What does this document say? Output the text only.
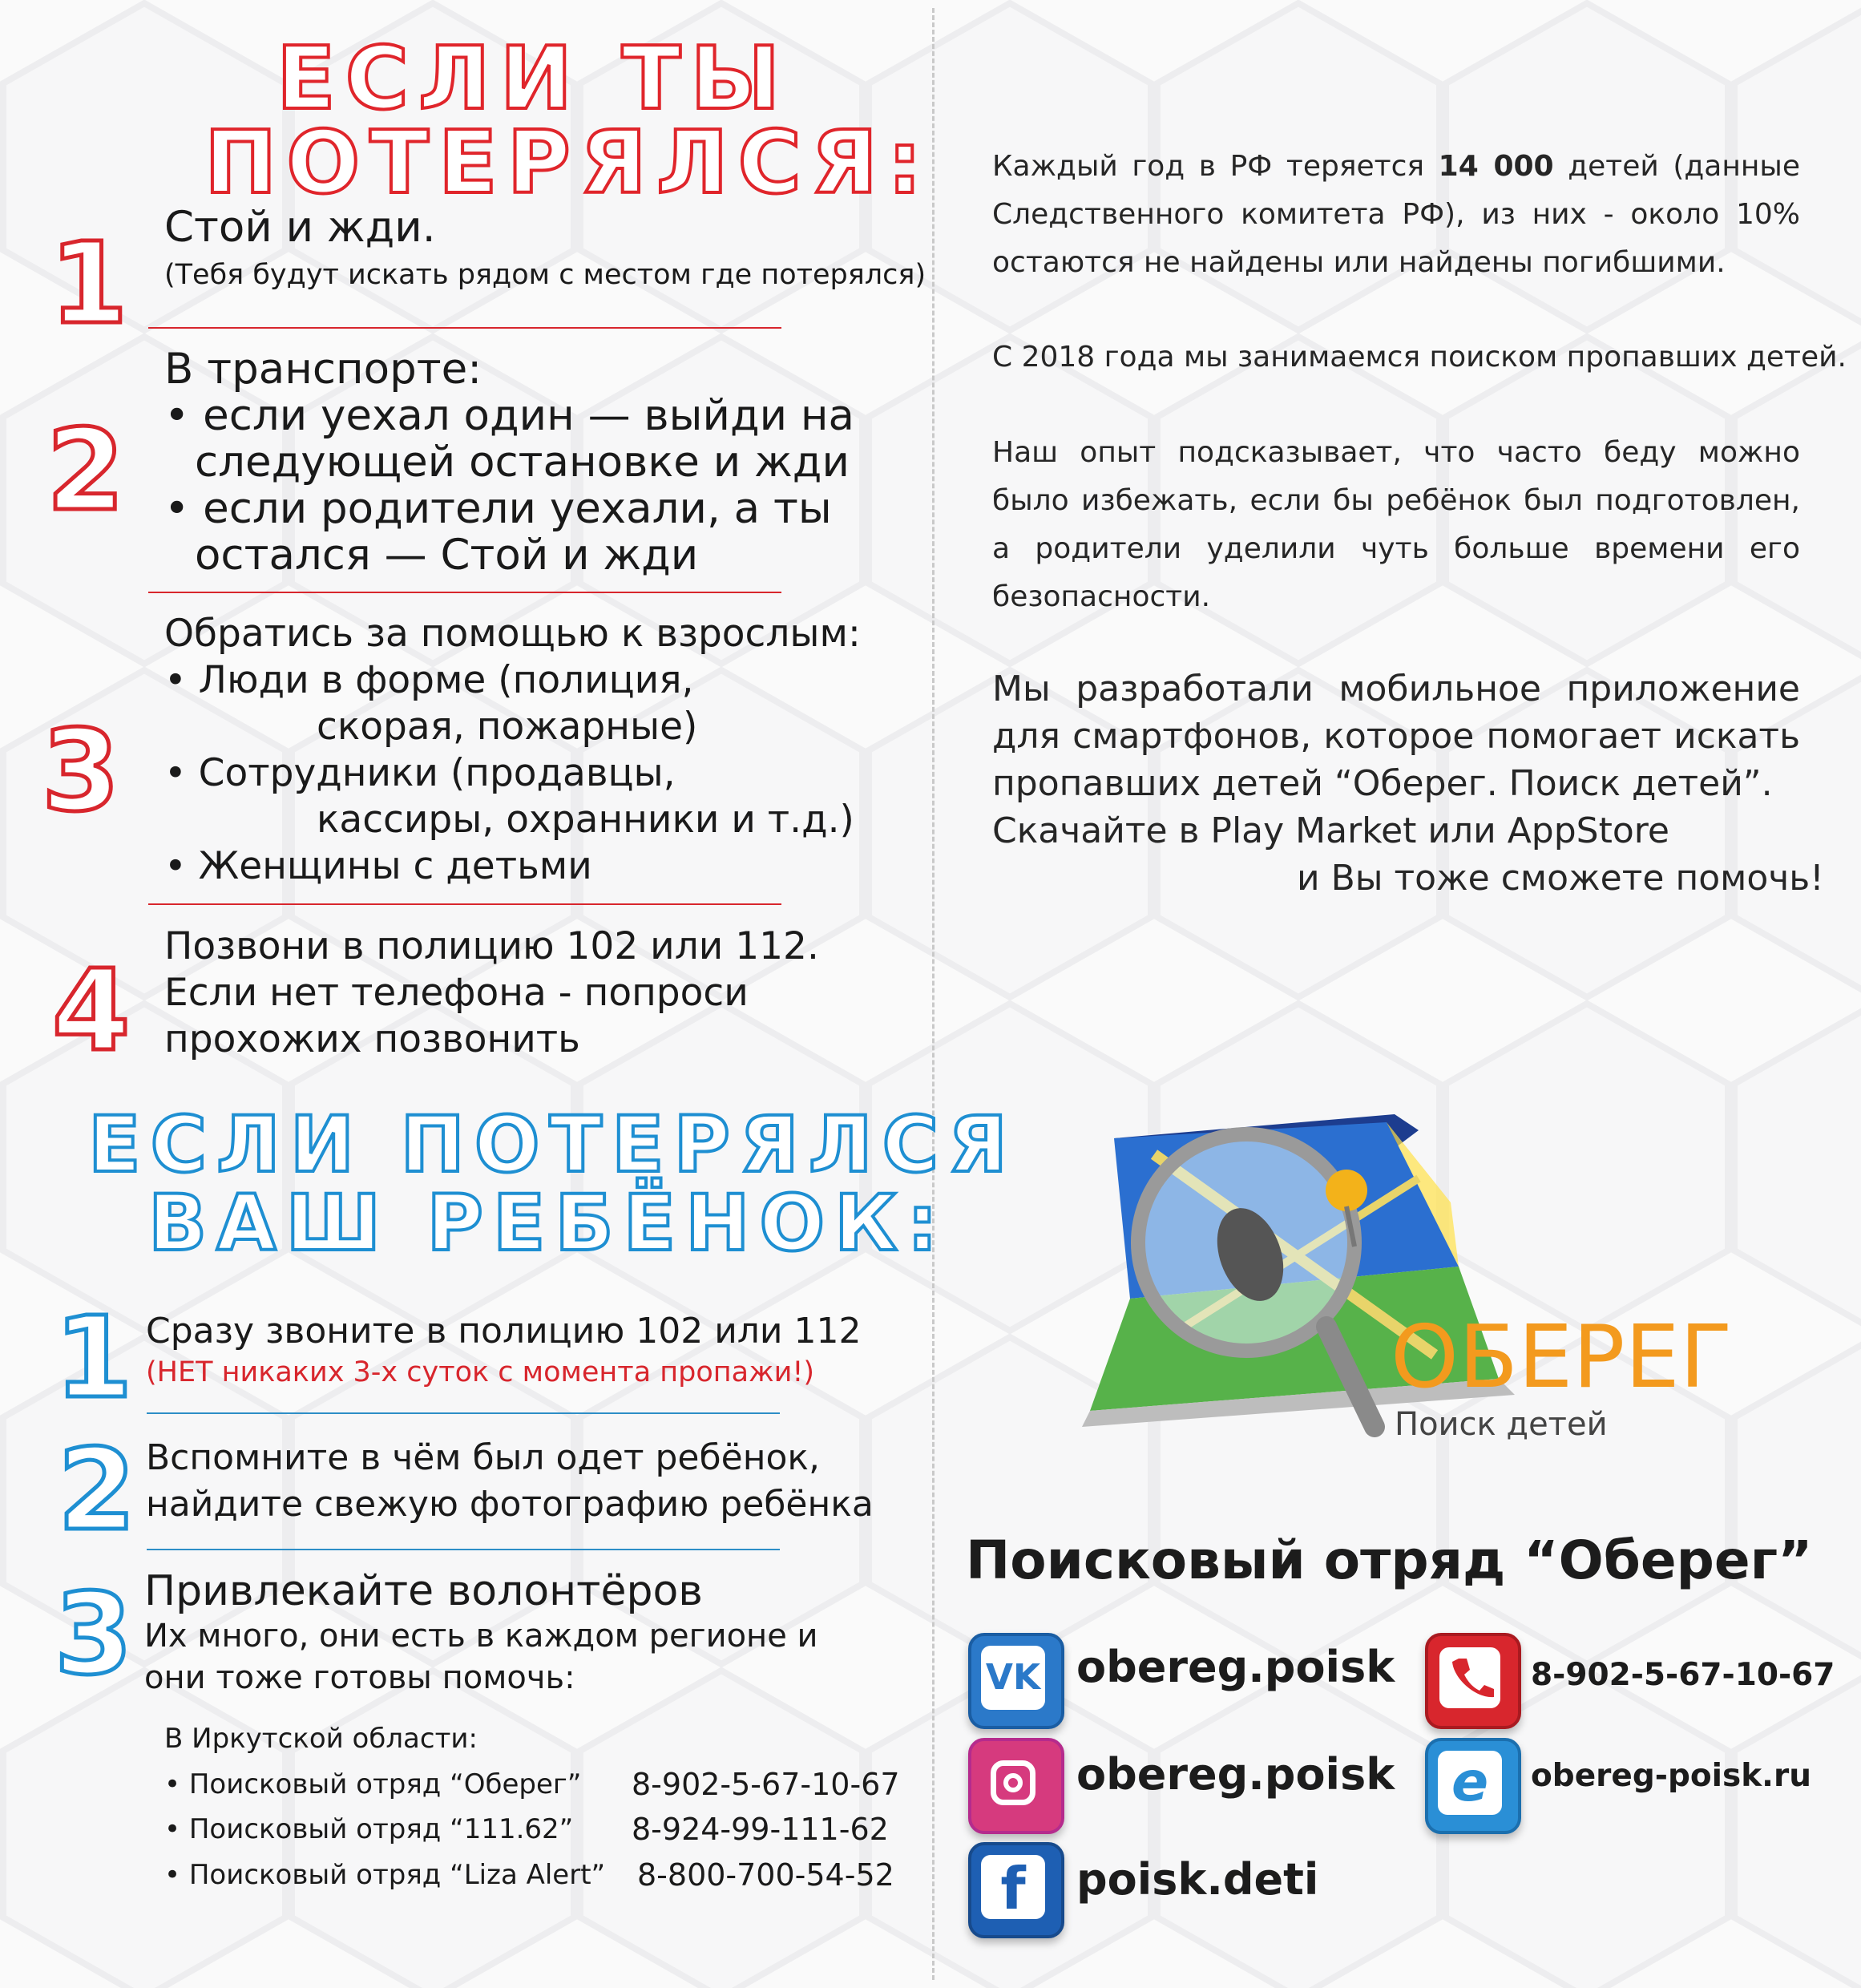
ЕСЛИ ТЫ
ПОТЕРЯЛСЯ:
1 Стой и жди.
(Тебя будут искать рядом с местом где потерялся)
2
В транспорте:
• если уехал один — выйди на
следующей остановке и жди
• если родители уехали, а ты
остался — Стой и жди
3
Обратись за помощью к взрослым:
• Люди в форме (полиция,
скорая, пожарные)
• Сотрудники (продавцы,
кассиры, охранники и т.д.)
• Женщины с детьми
4 Позвони в полицию 102 или 112.
Если нет телефона - попроси
прохожих позвонить
ЕСЛИ ПОТЕРЯЛСЯ
ВАШ РЕБЁНОК:
1 Сразу звоните в полицию 102 или 112
(НЕТ никаких 3-х суток с момента пропажи!)
2 Вспомните в чём был одет ребёнок,
найдите свежую фотографию ребёнка
3 Привлекайте волонтёров
Их много, они есть в каждом регионе и
они тоже готовы помочь:
В Иркутской области:
• Поисковый отряд “Оберег” 8-902-5-67-10-67
• Поисковый отряд “111.62” 8-924-99-111-62
• Поисковый отряд “Liza Alert” 8-800-700-54-52
Каждый год в РФ теряется 14 000 детей (данные Следственного комитета РФ), из них - около 10% остаются не найдены или найдены погибшими.
С 2018 года мы занимаемся поиском пропавших детей.
Наш опыт подсказывает, что часто беду можно было избежать, если бы ребёнок был подготовлен, а родители уделили чуть больше времени его безопасности.
Мы разработали мобильное приложение для смартфонов, которое помогает искать пропавших детей “Оберег. Поиск детей”.
Скачайте в Play Market или AppStore
и Вы тоже сможете помочь!
ОБЕРЕГ
Поиск детей
Поисковый отряд “Оберег”
VK obereg.poisk
obereg.poisk
f	poisk.deti
8-902-5-67-10-67
e	obereg-poisk.ru
